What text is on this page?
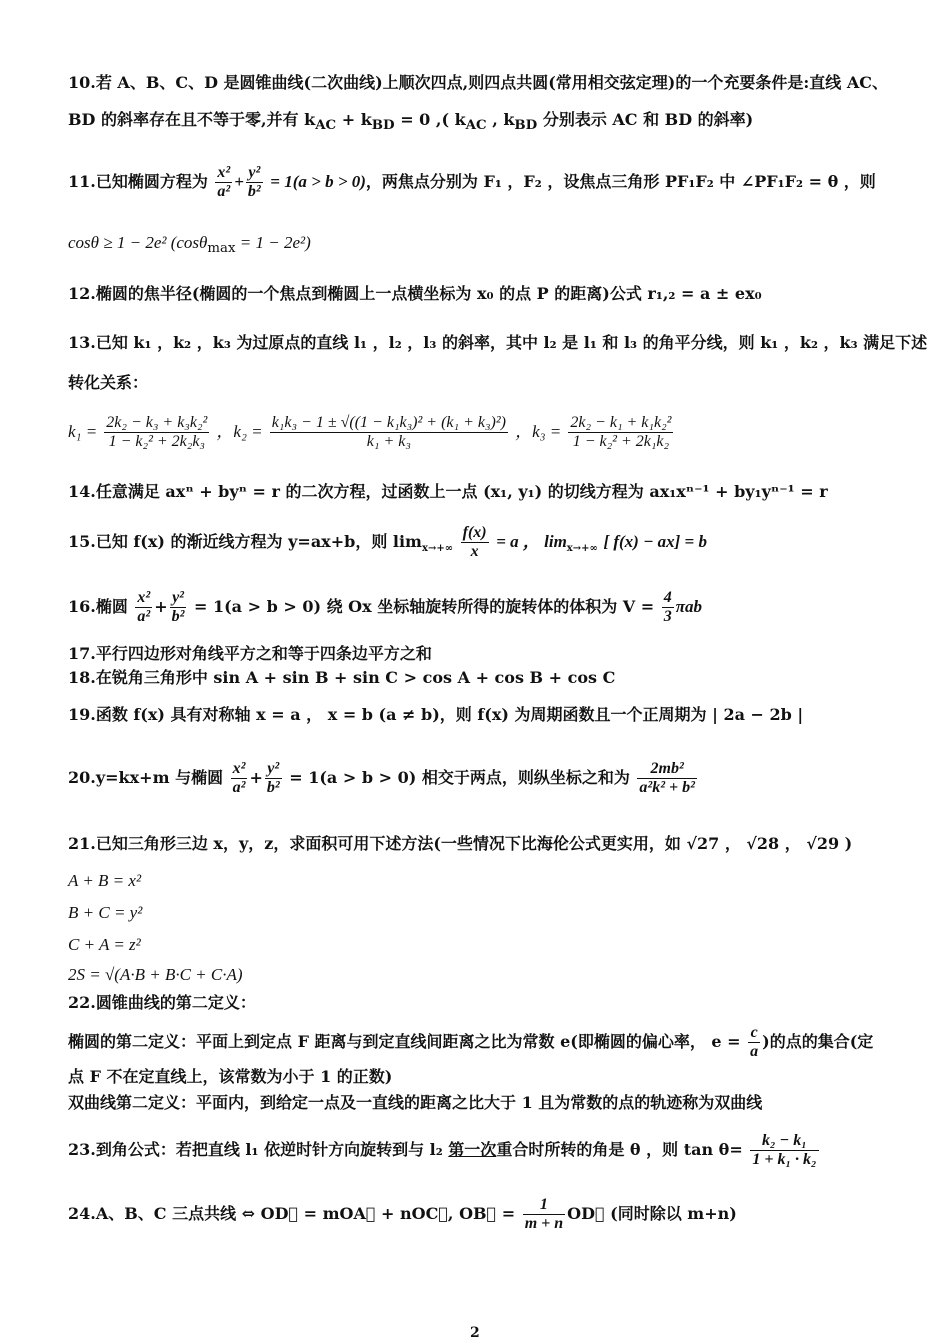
10.若 A、B、C、D 是圆锥曲线(二次曲线)上顺次四点,则四点共圆(常用相交弦定理)的一个充要条件是:直线 AC、
BD 的斜率存在且不等于零,并有 $k_{AC} + k_{BD} = 0$ ,( $k_{AC}$ , $k_{BD}$ 分别表示 AC 和 BD 的斜率)
11.已知椭圆方程为 $\frac{\text{x²}}{\text{a²}} + \frac{\text{y²}}{\text{b²}} = 1(a > b > 0)$，两焦点分别为 F₁ ，F₂ ，设焦点三角形 PF₁F₂ 中 ∠PF₁F₂ = θ ，则
cosθ ≥ 1 − 2e² (cosθ$_{max}$ = 1 − 2e²)
12.椭圆的焦半径(椭圆的一个焦点到椭圆上一点横坐标为 x₀ 的点 P 的距离)公式 r₁,₂ = a ± ex₀
13.已知 k₁ ，k₂ ，k₃ 为过原点的直线 l₁ ，l₂ ，l₃ 的斜率，其中 l₂ 是 l₁ 和 l₃ 的角平分线，则 k₁ ，k₂ ，k₃ 满足下述
转化关系：
$k_1 = \frac{\text{2k₂ − k₃ + k₃k₂²}}{\text{1 − k₂² + 2k₂k₃}}$ ，$k_2 = \frac{\text{k₁k₃ − 1 ± √((1 − k₁k₃)² + (k₁ + k₃)²)}}{\text{k₁ + k₃}}$ ，$k_3 = \frac{\text{2k₂ − k₁ + k₁k₂²}}{\text{1 − k₂² + 2k₁k₂}}$
14.任意满足 axⁿ + byⁿ = r 的二次方程，过函数上一点 (x₁, y₁) 的切线方程为 ax₁xⁿ⁻¹ + by₁yⁿ⁻¹ = r
15.已知 f(x) 的渐近线方程为 y=ax+b，则 $\lim_{x\to+\infty} \frac{f(x)}{x} = a$ ， $\lim_{x\to+\infty}$ [ f(x) − ax] = b
16.椭圆 $\frac{\text{x²}}{\text{a²}} + \frac{\text{y²}}{\text{b²}} = 1(a > b > 0)$ 绕 Ox 坐标轴旋转所得的旋转体的体积为 $V = \frac{4}{3}$ πab
17.平行四边形对角线平方之和等于四条边平方之和
18.在锐角三角形中 sin A + sin B + sin C > cos A + cos B + cos C
19.函数 f(x) 具有对称轴 x = a ， x = b (a ≠ b)，则 f(x) 为周期函数且一个正周期为 | 2a − 2b |
20.y=kx+m 与椭圆 $\frac{\text{x²}}{\text{a²}} + \frac{\text{y²}}{\text{b²}} = 1(a > b > 0)$ 相交于两点，则纵坐标之和为 $\frac{\text{2mb²}}{\text{a²k² + b²}}$
21.已知三角形三边 x，y，z，求面积可用下述方法(一些情况下比海伦公式更实用，如 √27 ， √28 ， √29 )
A + B = x²
B + C = y²
C + A = z²
2S = √(A·B + B·C + C·A)
22.圆锥曲线的第二定义：
椭圆的第二定义：平面上到定点 F 距离与到定直线间距离之比为常数 e(即椭圆的偏心率， $e = \frac{c}{a}$ )的点的集合(定
点 F 不在定直线上，该常数为小于 1 的正数)
双曲线第二定义：平面内，到给定一点及一直线的距离之比大于 1 且为常数的点的轨迹称为双曲线
23.到角公式：若把直线 l₁ 依逆时针方向旋转到与 l₂ 第一次重合时所转的角是 θ ，则 $\tan \theta= \frac{\text{k₂ − k₁}}{\text{1 + k₁ · k₂}}$
24.A、B、C 三点共线 ⇔ OD⃗ = mOA⃗ + nOC⃗, OB⃗ = $\frac{1}{m + n}$ OD⃗ (同时除以 m+n)
2
